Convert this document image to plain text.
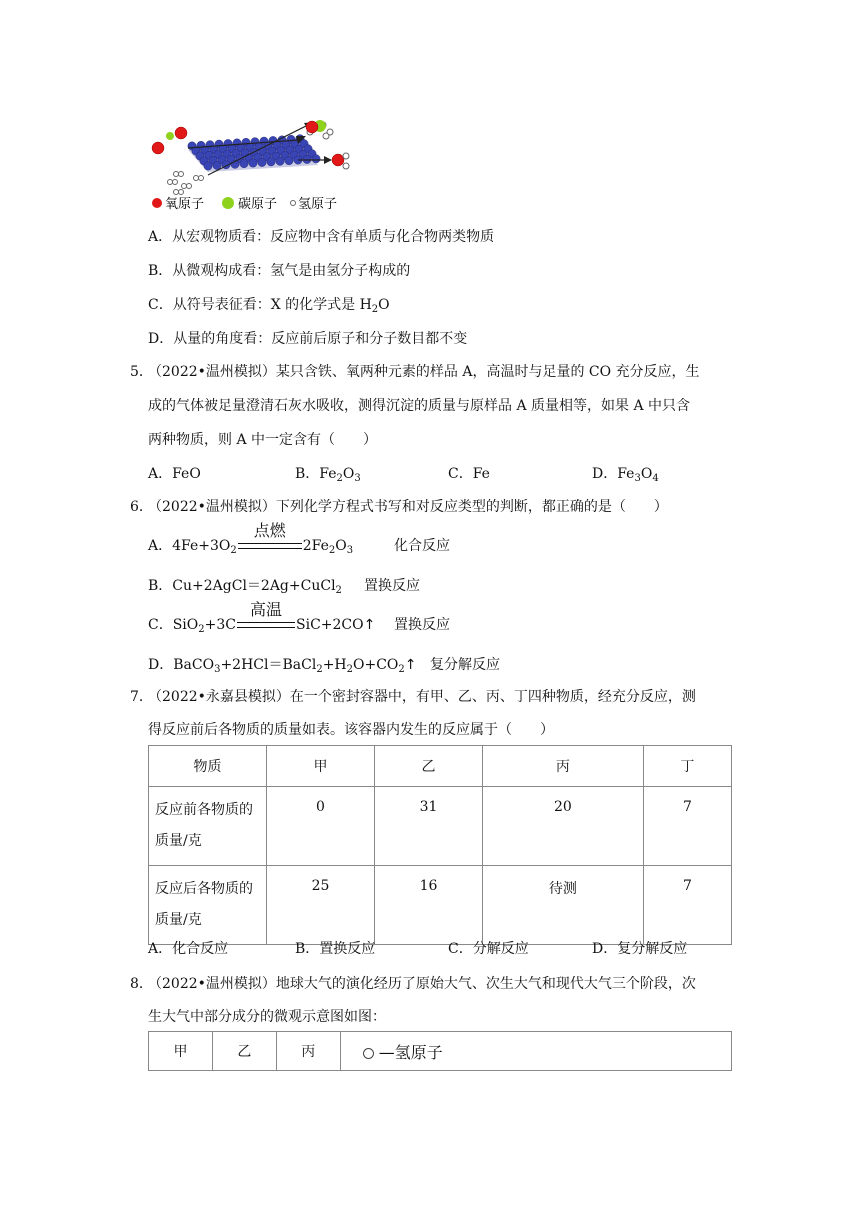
氧原子	碳原子 氢原子
A．从宏观物质看：反应物中含有单质与化合物两类物质
B．从微观构成看：氢气是由氢分子构成的
C．从符号表征看：X 的化学式是 $H_2O$
D．从量的角度看：反应前后原子和分子数目都不变
5．
（2022•温州模拟）某只含铁、氧两种元素的样品 A，高温时与足量的 CO 充分反应，生
成的气体被足量澄清石灰水吸收，测得沉淀的质量与原样品 A 质量相等，如果 A 中只含
两种物质，则 A 中一定含有（　　）
A．FeO	B．$Fe_2O_3$	C．Fe	D．$Fe_3O_4$
6．
（2022•温州模拟）下列化学方程式书写和对反应类型的判断，都正确的是（　　）
A．$4Fe+3O_2$
点燃
$2Fe_2O_3$	化合反应
B．Cu+2AgCl＝2Ag+CuCl$_2$ 置换反应
C．SiO$_2$+3C
高温
SiC+2CO↑ 置换反应
D．$BaCO_3+2HCl=BaCl_2+H_2O+CO_2↑$ 复分解反应
7．
（2022•永嘉县模拟）在一个密封容器中，有甲、乙、丙、丁四种物质，经充分反应，测
得反应前后各物质的质量如表。该容器内发生的反应属于（　　）
物质	甲	乙	丙	丁
反应前各物质的
质量/克	0	31	20	7
反应后各物质的
质量/克	25	16	待测	7
A．化合反应	B．置换反应	C．分解反应	D．复分解反应
8．
（2022•温州模拟）地球大气的演化经历了原始大气、次生大气和现代大气三个阶段，次
生大气中部分成分的微观示意图如图：
甲	乙	丙	—氢原子
